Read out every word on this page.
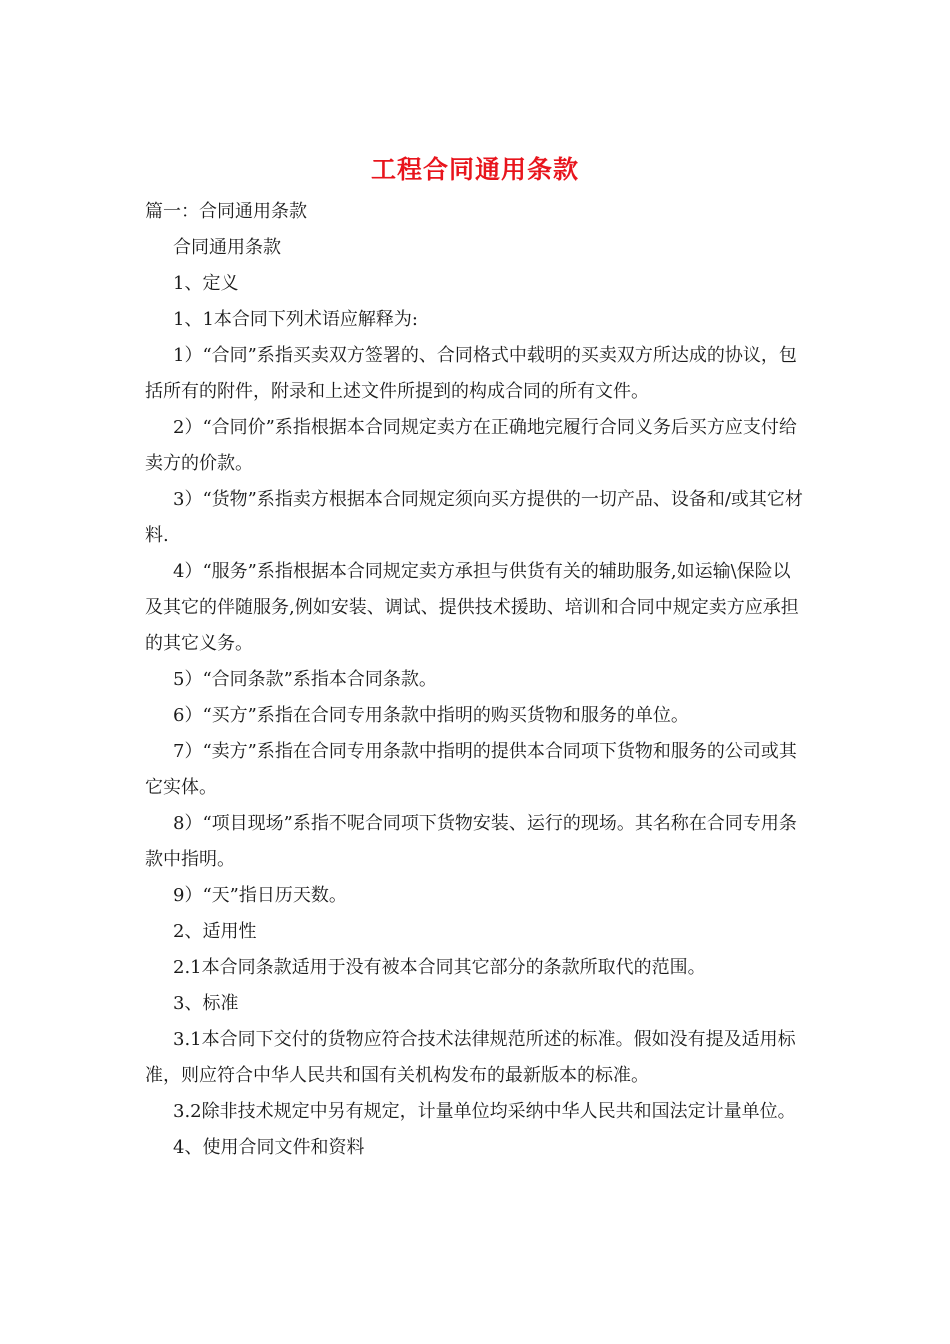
工程合同通用条款

篇一：合同通用条款

合同通用条款

1、定义

1、1本合同下列术语应解释为:

1）“合同”系指买卖双方签署的、合同格式中载明的买卖双方所达成的协议，包括所有的附件，附录和上述文件所提到的构成合同的所有文件。

2）“合同价”系指根据本合同规定卖方在正确地完履行合同义务后买方应支付给卖方的价款。

3）“货物”系指卖方根据本合同规定须向买方提供的一切产品、设备和/或其它材料.

4）“服务”系指根据本合同规定卖方承担与供货有关的辅助服务,如运输\保险以及其它的伴随服务,例如安装、调试、提供技术援助、培训和合同中规定卖方应承担的其它义务。

5）“合同条款”系指本合同条款。

6）“买方”系指在合同专用条款中指明的购买货物和服务的单位。

7）“卖方”系指在合同专用条款中指明的提供本合同项下货物和服务的公司或其它实体。

8）“项目现场”系指不呢合同项下货物安装、运行的现场。其名称在合同专用条款中指明。

9）“天”指日历天数。

2、适用性

2.1本合同条款适用于没有被本合同其它部分的条款所取代的范围。

3、标准

3.1本合同下交付的货物应符合技术法律规范所述的标准。假如没有提及适用标准，则应符合中华人民共和国有关机构发布的最新版本的标准。

3.2除非技术规定中另有规定，计量单位均采纳中华人民共和国法定计量单位。

4、使用合同文件和资料
